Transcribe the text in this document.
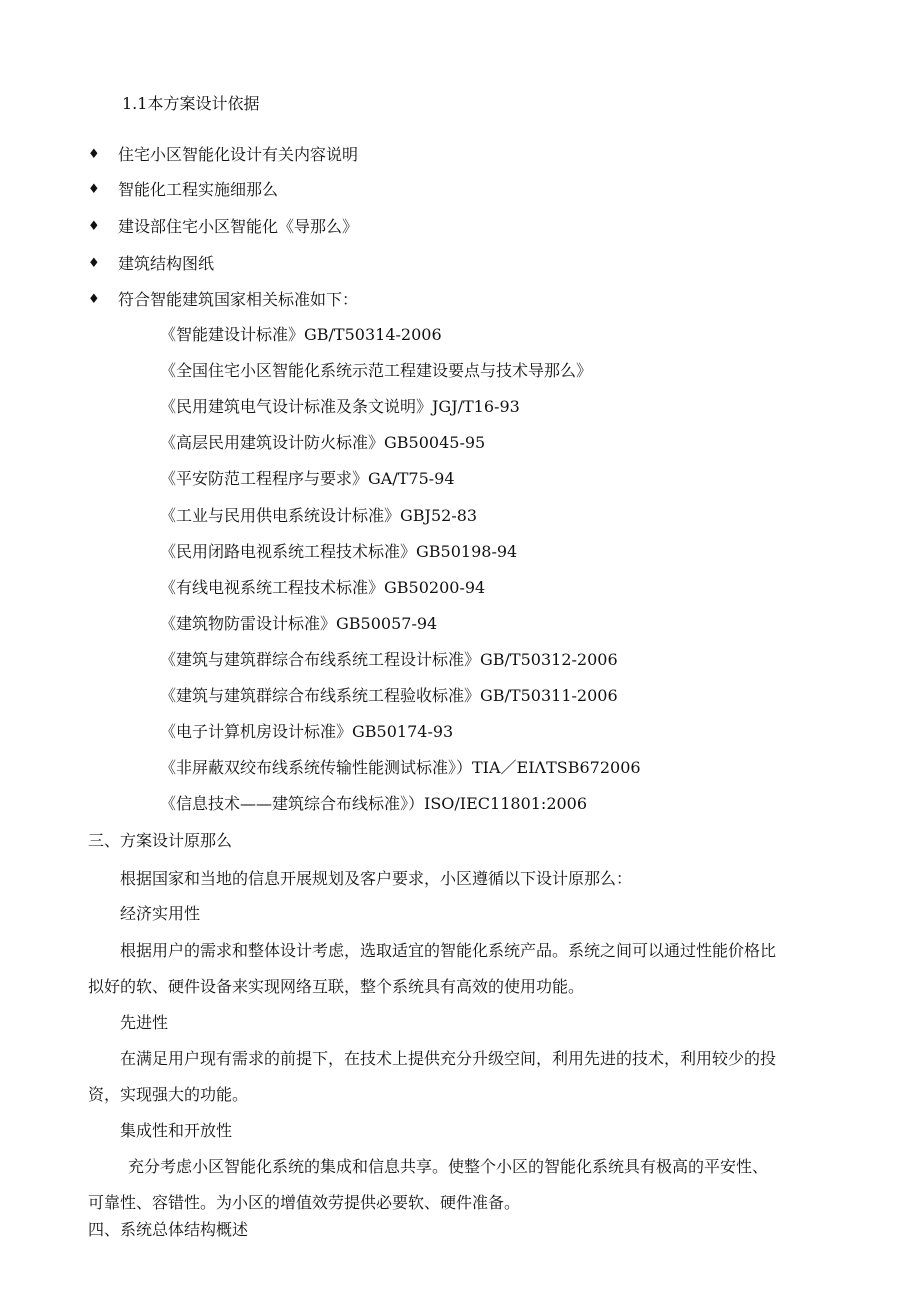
1.1本方案设计依据
♦ 住宅小区智能化设计有关内容说明
♦ 智能化工程实施细那么
♦ 建设部住宅小区智能化《导那么》
♦ 建筑结构图纸
♦ 符合智能建筑国家相关标准如下：
《智能建设计标准》GB/T50314-2006
《全国住宅小区智能化系统示范工程建设要点与技术导那么》
《民用建筑电气设计标准及条文说明》JGJ/T16-93
《高层民用建筑设计防火标准》GB50045-95
《平安防范工程程序与要求》GA/T75-94
《工业与民用供电系统设计标准》GBJ52-83
《民用闭路电视系统工程技术标准》GB50198-94
《有线电视系统工程技术标准》GB50200-94
《建筑物防雷设计标准》GB50057-94
《建筑与建筑群综合布线系统工程设计标准》GB/T50312-2006
《建筑与建筑群综合布线系统工程验收标准》GB/T50311-2006
《电子计算机房设计标准》GB50174-93
《非屏蔽双绞布线系统传输性能测试标准》）TIA／EIΛTSB672006
《信息技术——建筑综合布线标准》）ISO/IEC11801:2006
三、方案设计原那么
根据国家和当地的信息开展规划及客户要求，小区遵循以下设计原那么：
经济实用性
根据用户的需求和整体设计考虑，选取适宜的智能化系统产品。系统之间可以通过性能价格比
拟好的软、硬件设备来实现网络互联，整个系统具有高效的使用功能。
先进性
在满足用户现有需求的前提下，在技术上提供充分升级空间，利用先进的技术，利用较少的投
资，实现强大的功能。
集成性和开放性
充分考虑小区智能化系统的集成和信息共享。使整个小区的智能化系统具有极高的平安性、
可靠性、容错性。为小区的增值效劳提供必要软、硬件准备。
四、系统总体结构概述
